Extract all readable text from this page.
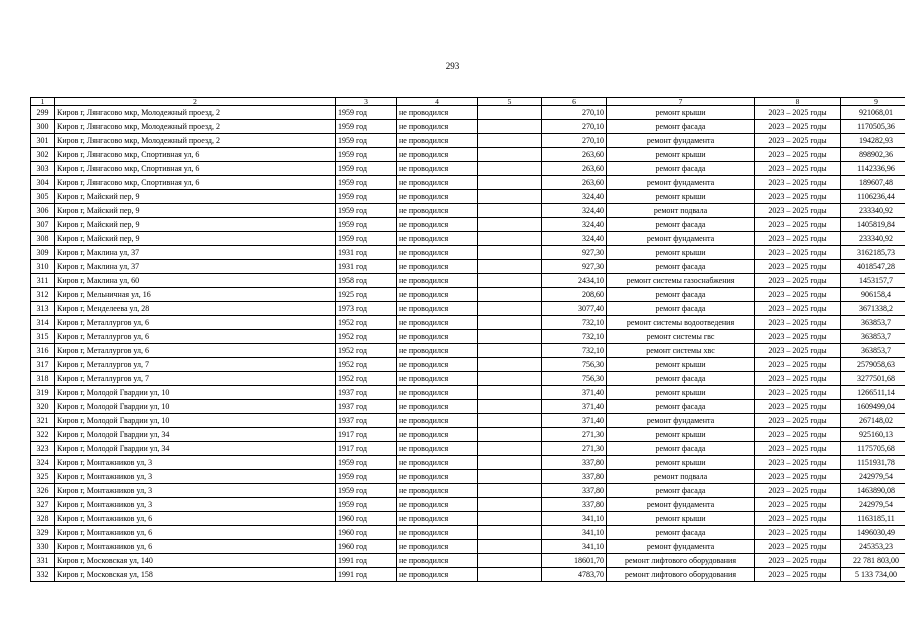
293
1	2	3	4	5	6	7	8	9
299	Киров г, Лянгасово мкр, Молодежный проезд, 2	1959 год	не проводился		270,10	ремонт крыши	2023 – 2025 годы	921068,01
300	Киров г, Лянгасово мкр, Молодежный проезд, 2	1959 год	не проводился		270,10	ремонт фасада	2023 – 2025 годы	1170505,36
301	Киров г, Лянгасово мкр, Молодежный проезд, 2	1959 год	не проводился		270,10	ремонт фундамента	2023 – 2025 годы	194282,93
302	Киров г, Лянгасово мкр, Спортивная ул, 6	1959 год	не проводился		263,60	ремонт крыши	2023 – 2025 годы	898902,36
303	Киров г, Лянгасово мкр, Спортивная ул, 6	1959 год	не проводился		263,60	ремонт фасада	2023 – 2025 годы	1142336,96
304	Киров г, Лянгасово мкр, Спортивная ул, 6	1959 год	не проводился		263,60	ремонт фундамента	2023 – 2025 годы	189607,48
305	Киров г, Майский пер, 9	1959 год	не проводился		324,40	ремонт крыши	2023 – 2025 годы	1106236,44
306	Киров г, Майский пер, 9	1959 год	не проводился		324,40	ремонт подвала	2023 – 2025 годы	233340,92
307	Киров г, Майский пер, 9	1959 год	не проводился		324,40	ремонт фасада	2023 – 2025 годы	1405819,84
308	Киров г, Майский пер, 9	1959 год	не проводился		324,40	ремонт фундамента	2023 – 2025 годы	233340,92
309	Киров г, Маклина ул, 37	1931 год	не проводился		927,30	ремонт крыши	2023 – 2025 годы	3162185,73
310	Киров г, Маклина ул, 37	1931 год	не проводился		927,30	ремонт фасада	2023 – 2025 годы	4018547,28
311	Киров г, Маклина ул, 60	1958 год	не проводился		2434,10	ремонт системы газоснабжения	2023 – 2025 годы	1453157,7
312	Киров г, Мельничная ул, 16	1925 год	не проводился		208,60	ремонт фасада	2023 – 2025 годы	906158,4
313	Киров г, Менделеева ул, 28	1973 год	не проводился		3077,40	ремонт фасада	2023 – 2025 годы	3671338,2
314	Киров г, Металлургов ул, 6	1952 год	не проводился		732,10	ремонт системы водоотведения	2023 – 2025 годы	363853,7
315	Киров г, Металлургов ул, 6	1952 год	не проводился		732,10	ремонт системы гвс	2023 – 2025 годы	363853,7
316	Киров г, Металлургов ул, 6	1952 год	не проводился		732,10	ремонт системы хвс	2023 – 2025 годы	363853,7
317	Киров г, Металлургов ул, 7	1952 год	не проводился		756,30	ремонт крыши	2023 – 2025 годы	2579058,63
318	Киров г, Металлургов ул, 7	1952 год	не проводился		756,30	ремонт фасада	2023 – 2025 годы	3277501,68
319	Киров г, Молодой Гвардии ул, 10	1937 год	не проводился		371,40	ремонт крыши	2023 – 2025 годы	1266511,14
320	Киров г, Молодой Гвардии ул, 10	1937 год	не проводился		371,40	ремонт фасада	2023 – 2025 годы	1609499,04
321	Киров г, Молодой Гвардии ул, 10	1937 год	не проводился		371,40	ремонт фундамента	2023 – 2025 годы	267148,02
322	Киров г, Молодой Гвардии ул, 34	1917 год	не проводился		271,30	ремонт крыши	2023 – 2025 годы	925160,13
323	Киров г, Молодой Гвардии ул, 34	1917 год	не проводился		271,30	ремонт фасада	2023 – 2025 годы	1175705,68
324	Киров г, Монтажников ул, 3	1959 год	не проводился		337,80	ремонт крыши	2023 – 2025 годы	1151931,78
325	Киров г, Монтажников ул, 3	1959 год	не проводился		337,80	ремонт подвала	2023 – 2025 годы	242979,54
326	Киров г, Монтажников ул, 3	1959 год	не проводился		337,80	ремонт фасада	2023 – 2025 годы	1463890,08
327	Киров г, Монтажников ул, 3	1959 год	не проводился		337,80	ремонт фундамента	2023 – 2025 годы	242979,54
328	Киров г, Монтажников ул, 6	1960 год	не проводился		341,10	ремонт крыши	2023 – 2025 годы	1163185,11
329	Киров г, Монтажников ул, 6	1960 год	не проводился		341,10	ремонт фасада	2023 – 2025 годы	1496030,49
330	Киров г, Монтажников ул, 6	1960 год	не проводился		341,10	ремонт фундамента	2023 – 2025 годы	245353,23
331	Киров г, Московская ул, 140	1991 год	не проводился		18601,70	ремонт лифтового оборудования	2023 – 2025 годы	22 781 803,00
332	Киров г, Московская ул, 158	1991 год	не проводился		4783,70	ремонт лифтового оборудования	2023 – 2025 годы	5 133 734,00
